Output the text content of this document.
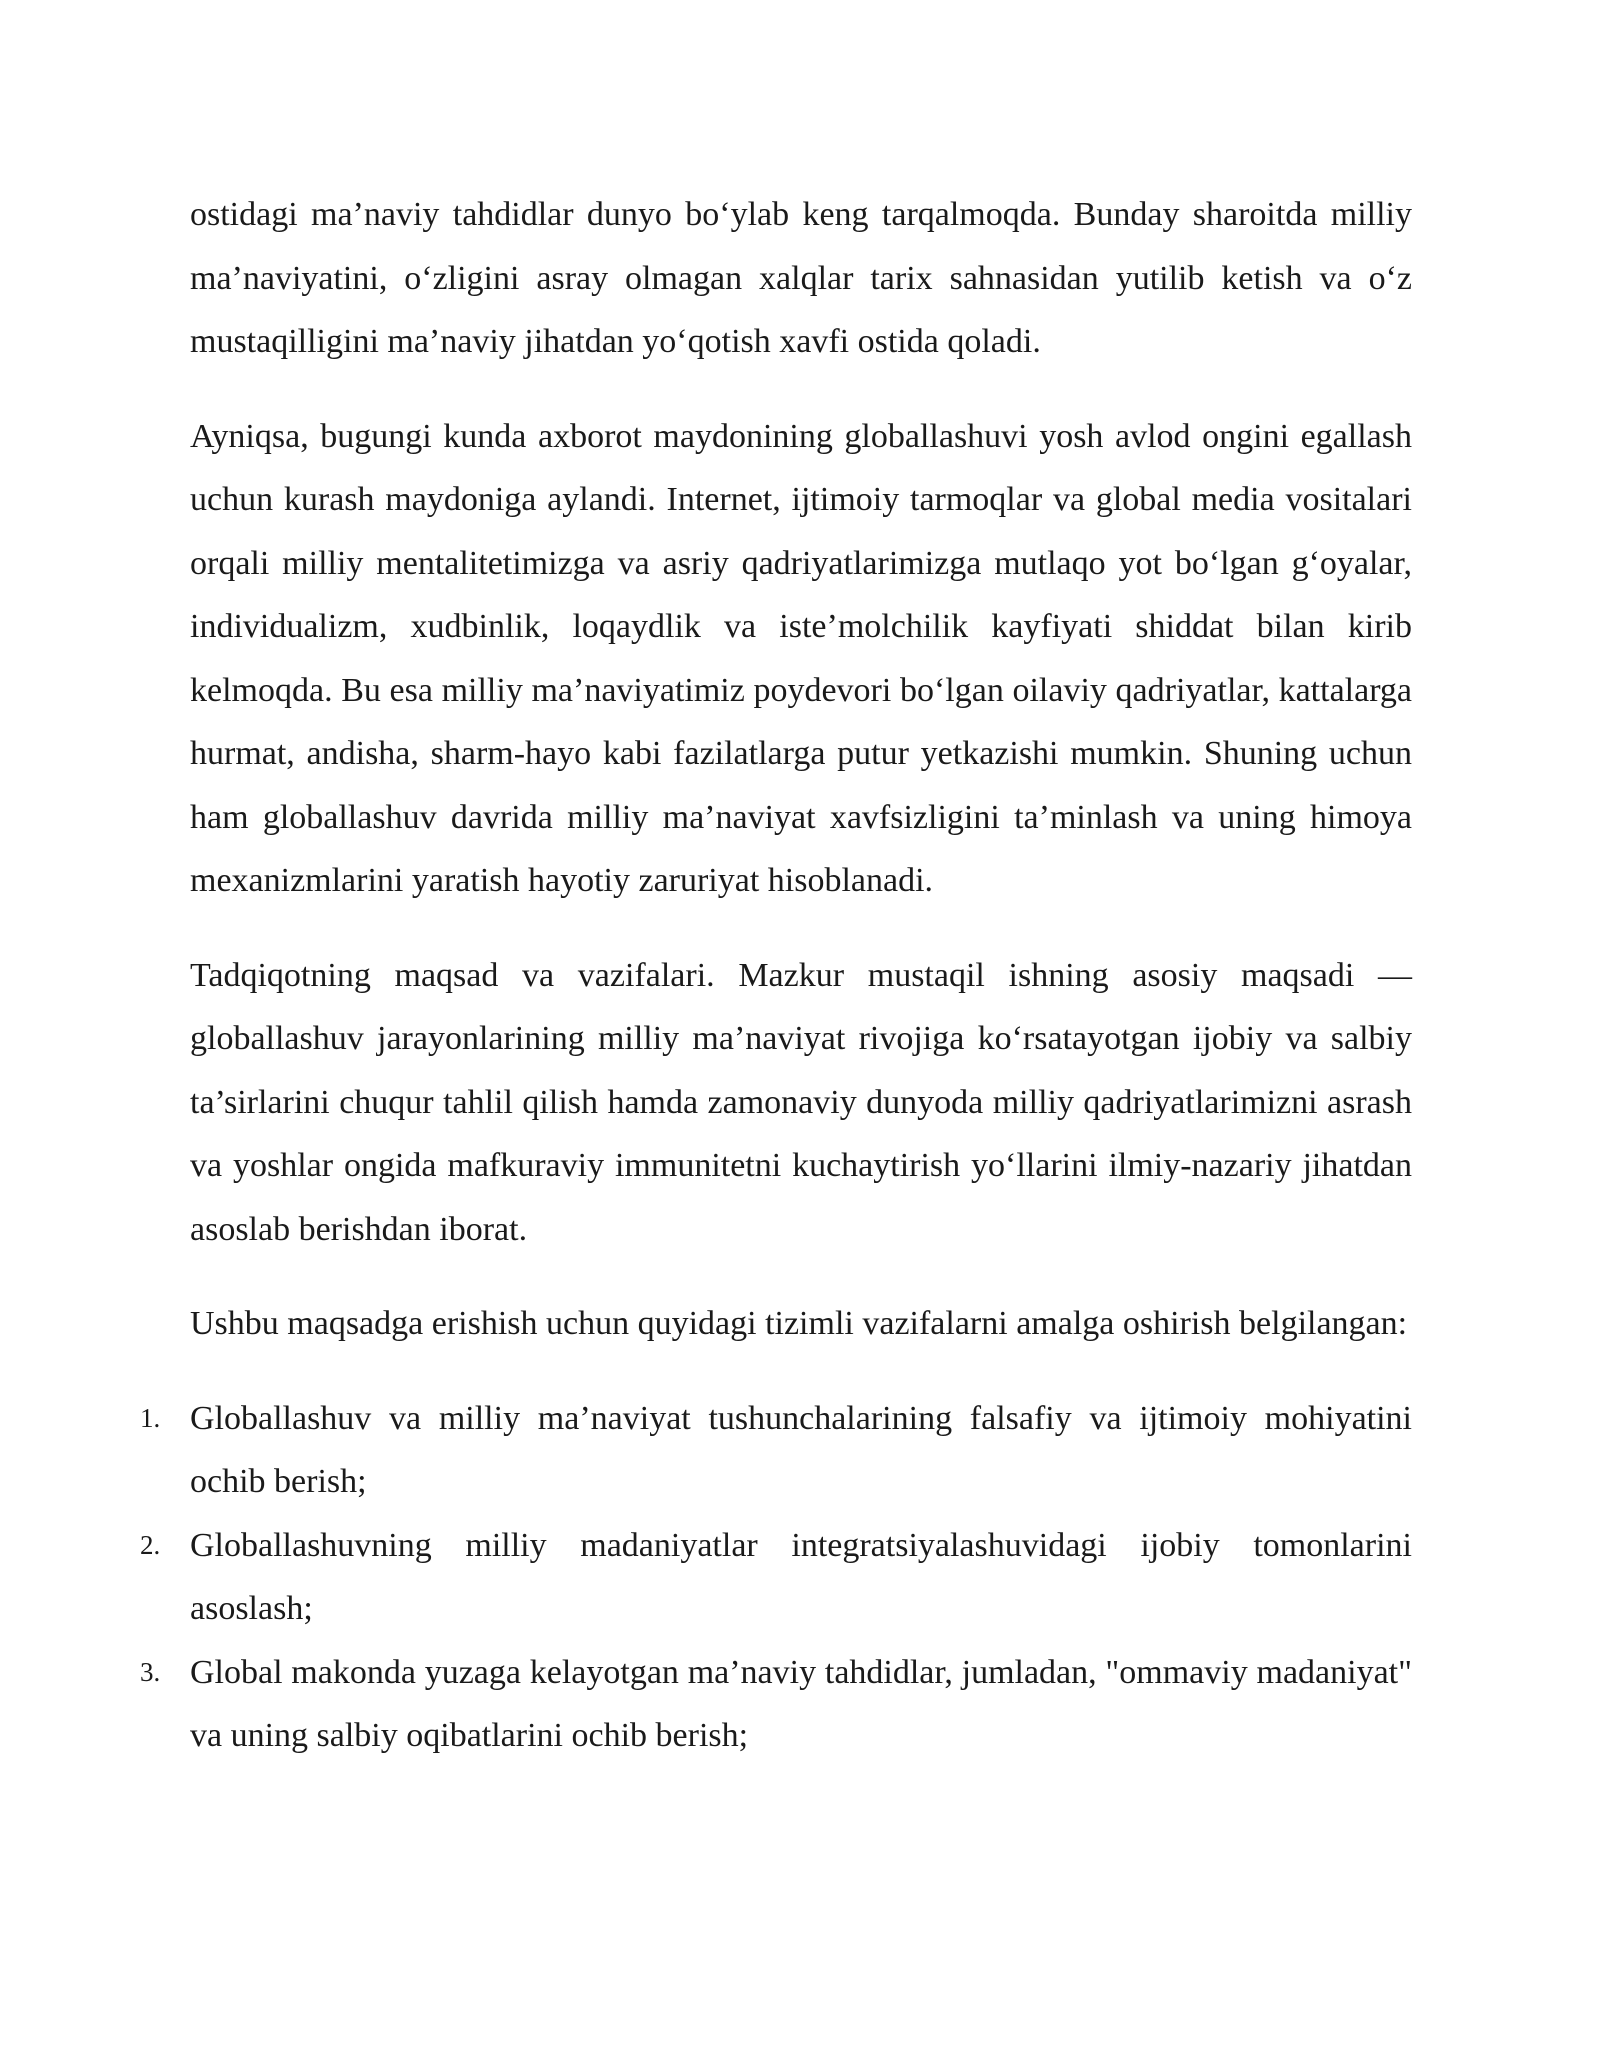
ostidagi ma’naviy tahdidlar dunyo bo‘ylab keng tarqalmoqda. Bunday sharoitda milliy ma’naviyatini, o‘zligini asray olmagan xalqlar tarix sahnasidan yutilib ketish va o‘z mustaqilligini ma’naviy jihatdan yo‘qotish xavfi ostida qoladi.

Ayniqsa, bugungi kunda axborot maydonining globallashuvi yosh avlod ongini egallash uchun kurash maydoniga aylandi. Internet, ijtimoiy tarmoqlar va global media vositalari orqali milliy mentalitetimizga va asriy qadriyatlarimizga mutlaqo yot bo‘lgan g‘oyalar, individualizm, xudbinlik, loqaydlik va iste’molchilik kayfiyati shiddat bilan kirib kelmoqda. Bu esa milliy ma’naviyatimiz poydevori bo‘lgan oilaviy qadriyatlar, kattalarga hurmat, andisha, sharm-hayo kabi fazilatlarga putur yetkazishi mumkin. Shuning uchun ham globallashuv davrida milliy ma’naviyat xavfsizligini ta’minlash va uning himoya mexanizmlarini yaratish hayotiy zaruriyat hisoblanadi.

Tadqiqotning maqsad va vazifalari. Mazkur mustaqil ishning asosiy maqsadi — globallashuv jarayonlarining milliy ma’naviyat rivojiga ko‘rsatayotgan ijobiy va salbiy ta’sirlarini chuqur tahlil qilish hamda zamonaviy dunyoda milliy qadriyatlarimizni asrash va yoshlar ongida mafkuraviy immunitetni kuchaytirish yo‘llarini ilmiy-nazariy jihatdan asoslab berishdan iborat.

Ushbu maqsadga erishish uchun quyidagi tizimli vazifalarni amalga oshirish belgilangan:

1. Globallashuv va milliy ma’naviyat tushunchalarining falsafiy va ijtimoiy mohiyatini ochib berish;
2. Globallashuvning milliy madaniyatlar integratsiyalashuvidagi ijobiy tomonlarini asoslash;
3. Global makonda yuzaga kelayotgan ma’naviy tahdidlar, jumladan, "ommaviy madaniyat" va uning salbiy oqibatlarini ochib berish;
